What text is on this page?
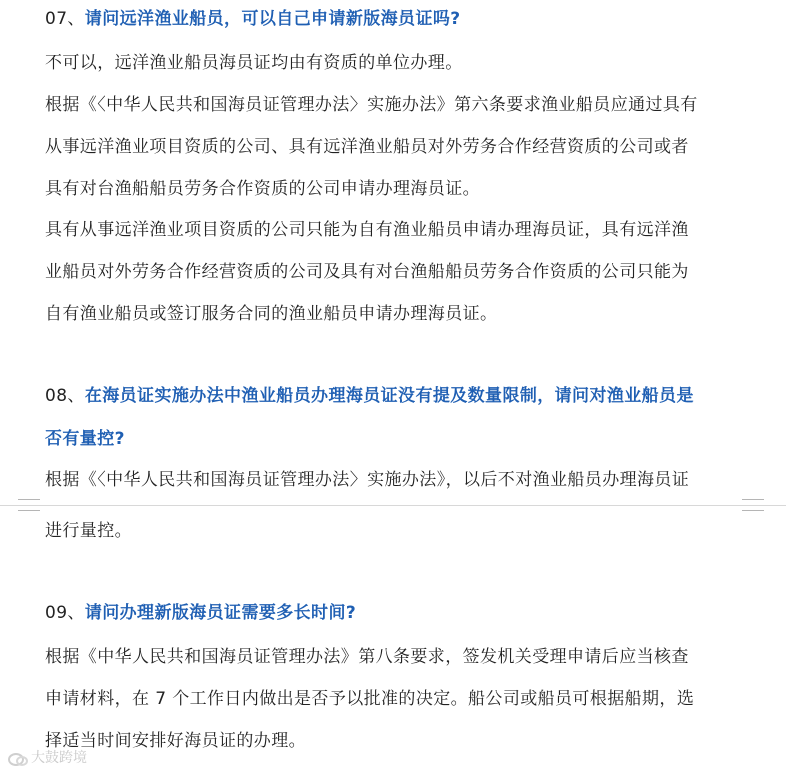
07、请问远洋渔业船员，可以自己申请新版海员证吗?
不可以，远洋渔业船员海员证均由有资质的单位办理。
根据《〈中华人民共和国海员证管理办法〉实施办法》第六条要求渔业船员应通过具有
从事远洋渔业项目资质的公司、具有远洋渔业船员对外劳务合作经营资质的公司或者
具有对台渔船船员劳务合作资质的公司申请办理海员证。
具有从事远洋渔业项目资质的公司只能为自有渔业船员申请办理海员证，具有远洋渔
业船员对外劳务合作经营资质的公司及具有对台渔船船员劳务合作资质的公司只能为
自有渔业船员或签订服务合同的渔业船员申请办理海员证。
08、在海员证实施办法中渔业船员办理海员证没有提及数量限制，请问对渔业船员是
否有量控?
根据《〈中华人民共和国海员证管理办法〉实施办法》，以后不对渔业船员办理海员证
进行量控。
09、请问办理新版海员证需要多长时间?
根据《中华人民共和国海员证管理办法》第八条要求，签发机关受理申请后应当核查
申请材料，在 7 个工作日内做出是否予以批准的决定。船公司或船员可根据船期，选
择适当时间安排好海员证的办理。
大鼓跨境
